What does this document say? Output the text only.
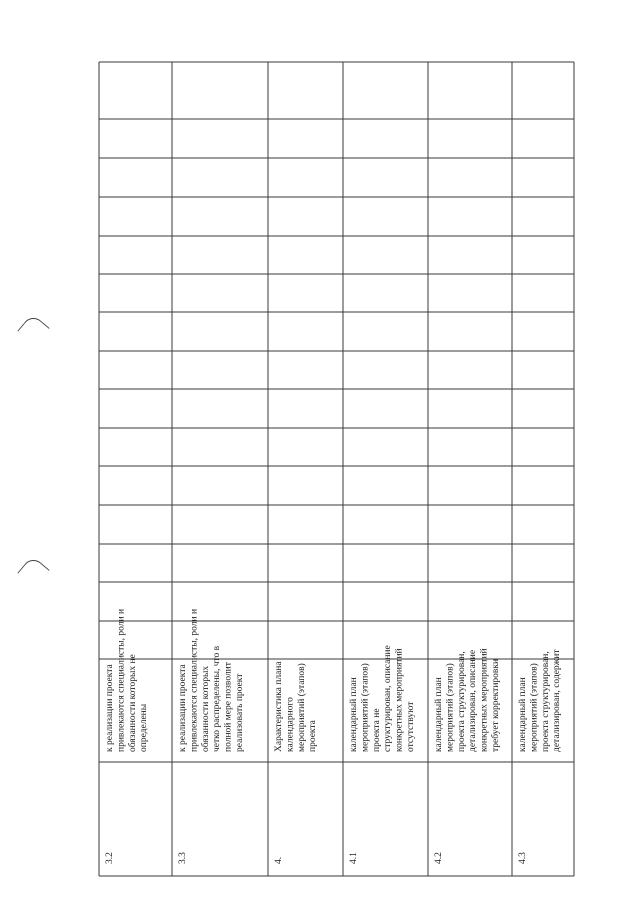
3.2
к реализации проектапривлекаются специалисты, роли иобязанности которых неопределены
3.3
к реализации проектапривлекаются специалисты, роли иобязанности которыхчетко распределены, что вполной мере позволитреализовать проект
4.
Характеристика планакалендарногомероприятий (этапов)проекта
4.1
календарный планмероприятий (этапов)проекта неструктурирован, описаниеконкретных мероприятийотсутствуют
4.2
календарный планмероприятий (этапов)проекта структурирован,детализирован, описаниеконкретных мероприятийтребует корректировки
4.3
календарный планмероприятий (этапов)проекта структурирован,детализирован, содержит
